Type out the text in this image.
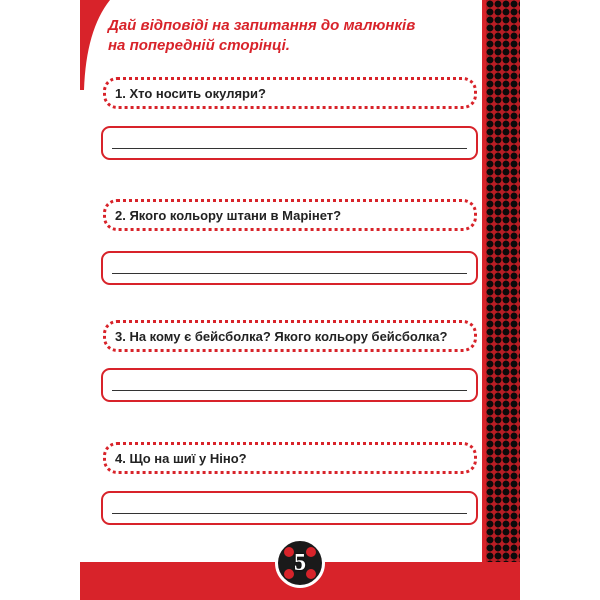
Дай відповіді на запитання до малюнків
на попередній сторінці.

1. Хто носить окуляри?
2. Якого кольору штани в Марінет?
3. На кому є бейсболка? Якого кольору бейсболка?
4. Що на шиї у Ніно?
5
